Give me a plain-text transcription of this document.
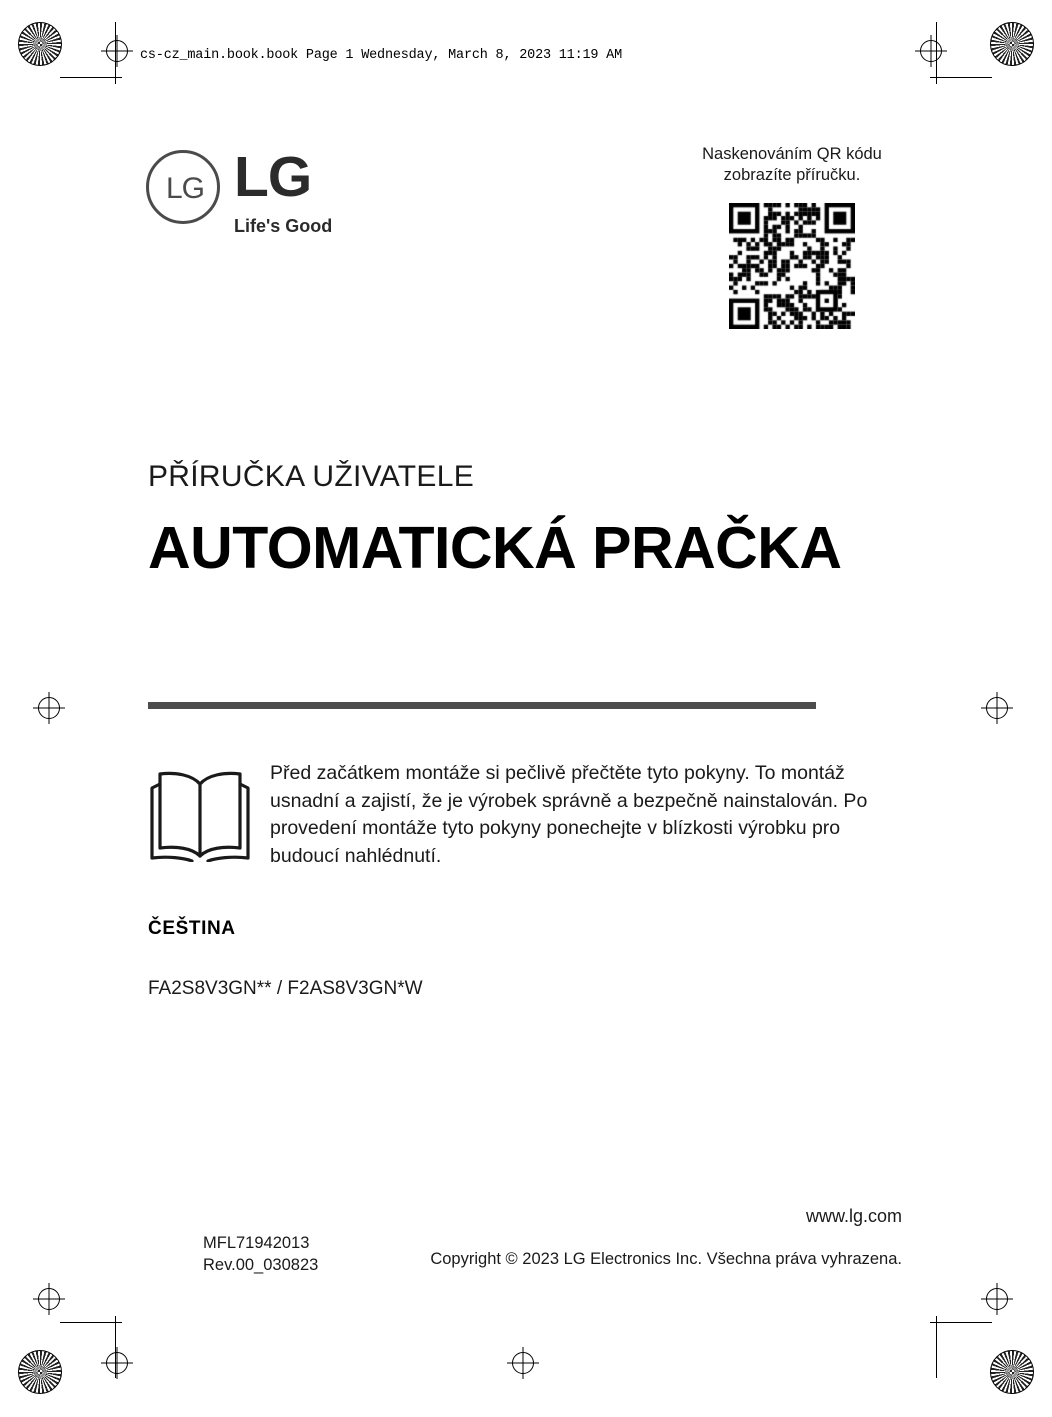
cs-cz_main.book.book Page 1 Wednesday, March 8, 2023 11:19 AM
LG LG
Life's Good
Naskenováním QR kódu
zobrazíte příručku.
PŘÍRUČKA UŽIVATELE
AUTOMATICKÁ PRAČKA
Před začátkem montáže si pečlivě přečtěte tyto pokyny. To montáž usnadní a zajistí, že je výrobek správně a bezpečně nainstalován. Po provedení montáže tyto pokyny ponechejte v blízkosti výrobku pro budoucí nahlédnutí.
ČEŠTINA
FA2S8V3GN** / F2AS8V3GN*W
www.lg.com
Copyright © 2023 LG Electronics Inc. Všechna práva vyhrazena.
MFL71942013
Rev.00_030823
